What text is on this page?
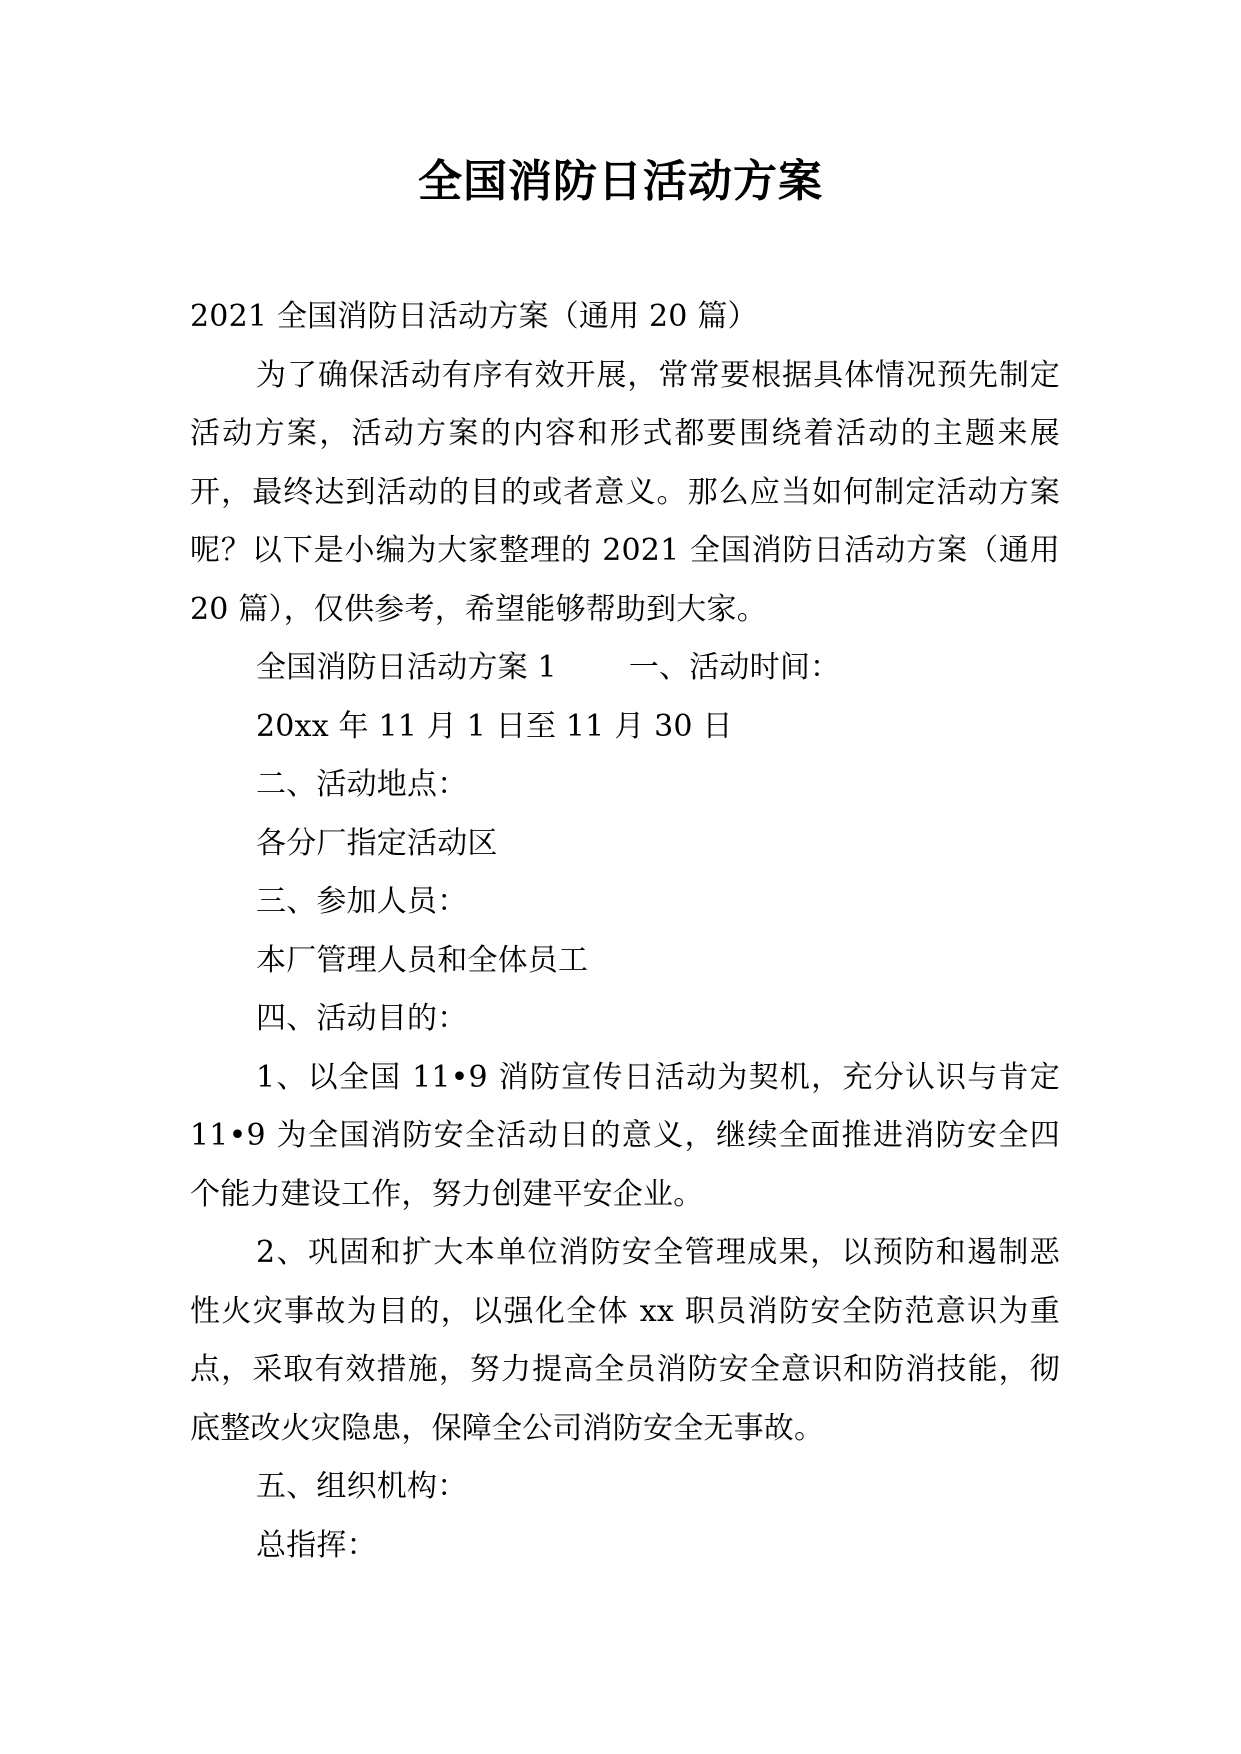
全国消防日活动方案

2021 全国消防日活动方案（通用 20 篇）

为了确保活动有序有效开展，常常要根据具体情况预先制定活动方案，活动方案的内容和形式都要围绕着活动的主题来展开，最终达到活动的目的或者意义。那么应当如何制定活动方案呢？以下是小编为大家整理的 2021 全国消防日活动方案（通用 20 篇），仅供参考，希望能够帮助到大家。

全国消防日活动方案 1 一、活动时间：

20xx 年 11 月 1 日至 11 月 30 日

二、活动地点：

各分厂指定活动区

三、参加人员：

本厂管理人员和全体员工

四、活动目的：

1、以全国 11•9 消防宣传日活动为契机，充分认识与肯定 11•9 为全国消防安全活动日的意义，继续全面推进消防安全四个能力建设工作，努力创建平安企业。

2、巩固和扩大本单位消防安全管理成果，以预防和遏制恶性火灾事故为目的，以强化全体 xx 职员消防安全防范意识为重点，采取有效措施，努力提高全员消防安全意识和防消技能，彻底整改火灾隐患，保障全公司消防安全无事故。

五、组织机构：

总指挥：
